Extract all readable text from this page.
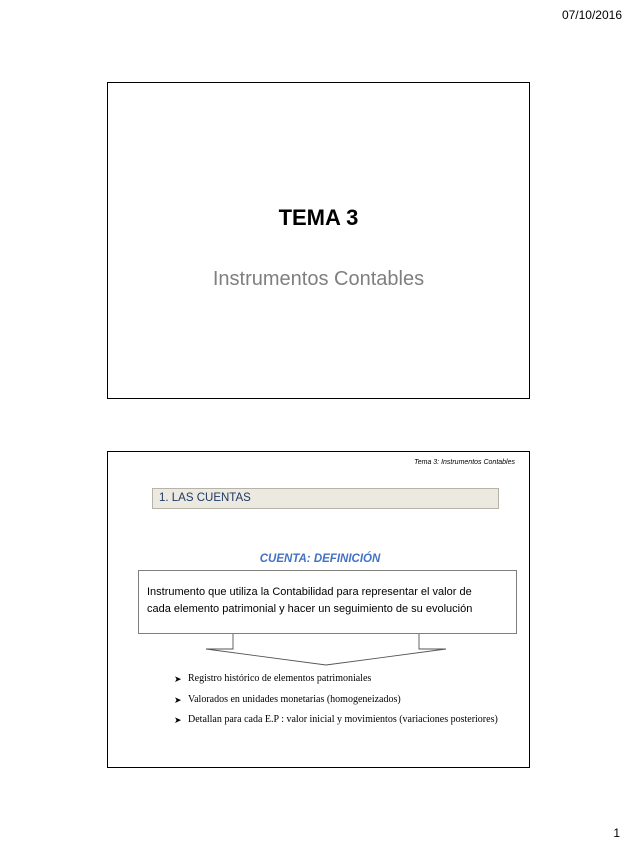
07/10/2016
TEMA 3
Instrumentos Contables
Tema 3: Instrumentos Contables
1. LAS CUENTAS
CUENTA: DEFINICIÓN
Instrumento que utiliza la Contabilidad para representar el valor de
cada elemento patrimonial y hacer un seguimiento de su evolución
➤ Registro histórico de elementos patrimoniales
➤ Valorados en unidades monetarias (homogeneizados)
➤ Detallan para cada E.P : valor inicial y movimientos (variaciones posteriores)
1
